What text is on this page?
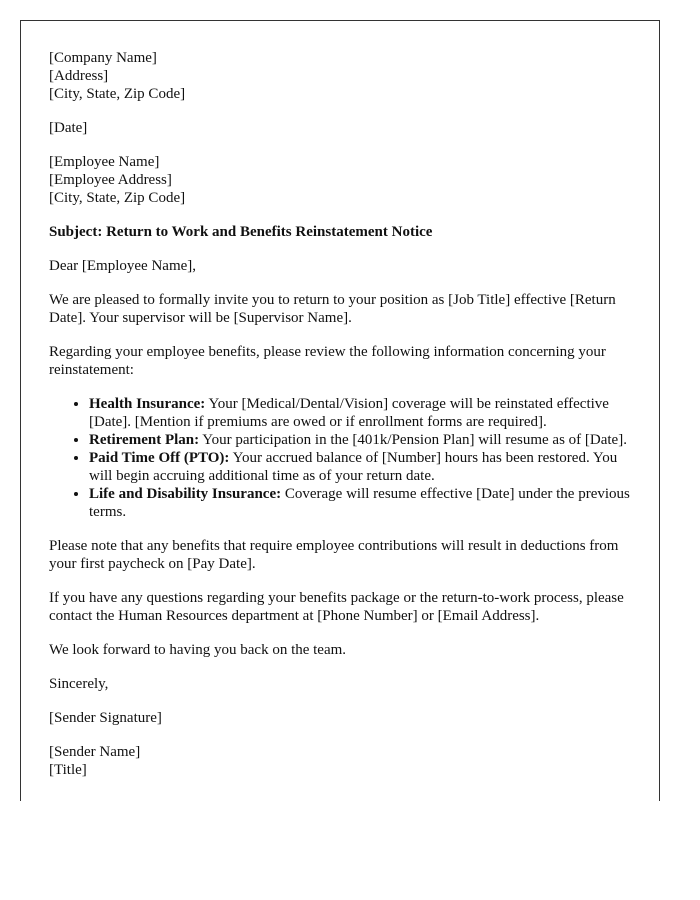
[Company Name]
[Address]
[City, State, Zip Code]
[Date]
[Employee Name]
[Employee Address]
[City, State, Zip Code]

Subject: Return to Work and Benefits Reinstatement Notice

Dear [Employee Name],

We are pleased to formally invite you to return to your position as [Job Title] effective [Return Date]. Your supervisor will be [Supervisor Name].

Regarding your employee benefits, please review the following information concerning your reinstatement:

• Health Insurance: Your [Medical/Dental/Vision] coverage will be reinstated effective [Date]. [Mention if premiums are owed or if enrollment forms are required].
• Retirement Plan: Your participation in the [401k/Pension Plan] will resume as of [Date].
• Paid Time Off (PTO): Your accrued balance of [Number] hours has been restored. You will begin accruing additional time as of your return date.
• Life and Disability Insurance: Coverage will resume effective [Date] under the previous terms.

Please note that any benefits that require employee contributions will result in deductions from your first paycheck on [Pay Date].

If you have any questions regarding your benefits package or the return-to-work process, please contact the Human Resources department at [Phone Number] or [Email Address].

We look forward to having you back on the team.

Sincerely,

[Sender Signature]

[Sender Name]
[Title]
